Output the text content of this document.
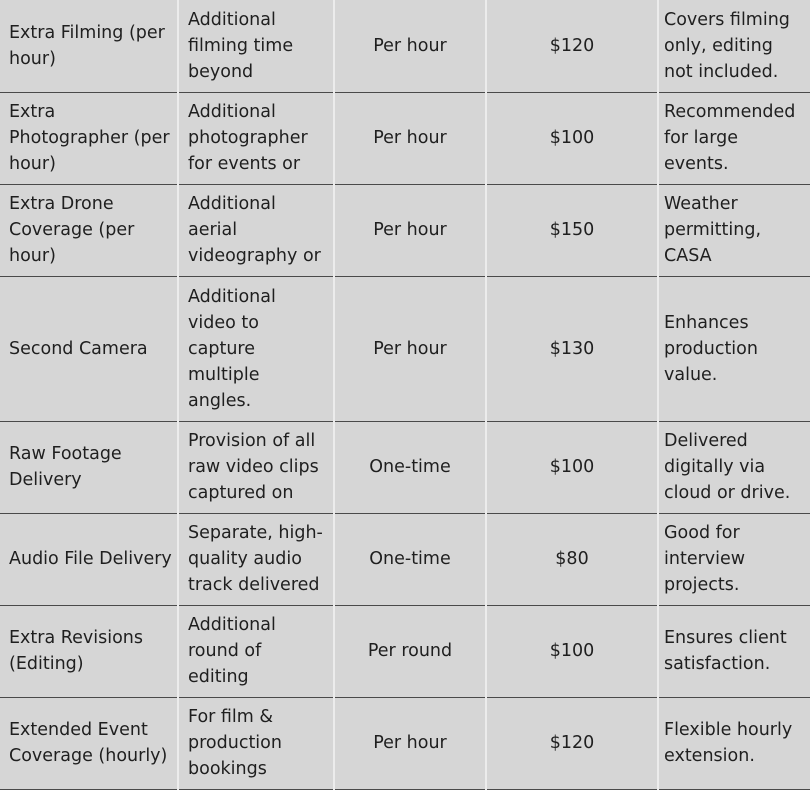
Extra Filming (per hour)	Additional filming time beyond	Per hour	$120	Covers filming only, editing not included.

Extra Photographer (per hour)	Additional photographer for events or	Per hour	$100	Recommended for large events.

Extra Drone Coverage (per hour)	Additional aerial videography or	Per hour	$150	Weather permitting, CASA

Second Camera	Additional video to capture multiple angles.	Per hour	$130	Enhances production value.

Raw Footage Delivery	Provision of all raw video clips captured on	One-time	$100	Delivered digitally via cloud or drive.

Audio File Delivery	Separate, high-quality audio track delivered	One-time	$80	Good for interview projects.

Extra Revisions (Editing)	Additional round of editing	Per round	$100	Ensures client satisfaction.

Extended Event Coverage (hourly)	For film & production bookings	Per hour	$120	Flexible hourly extension.
